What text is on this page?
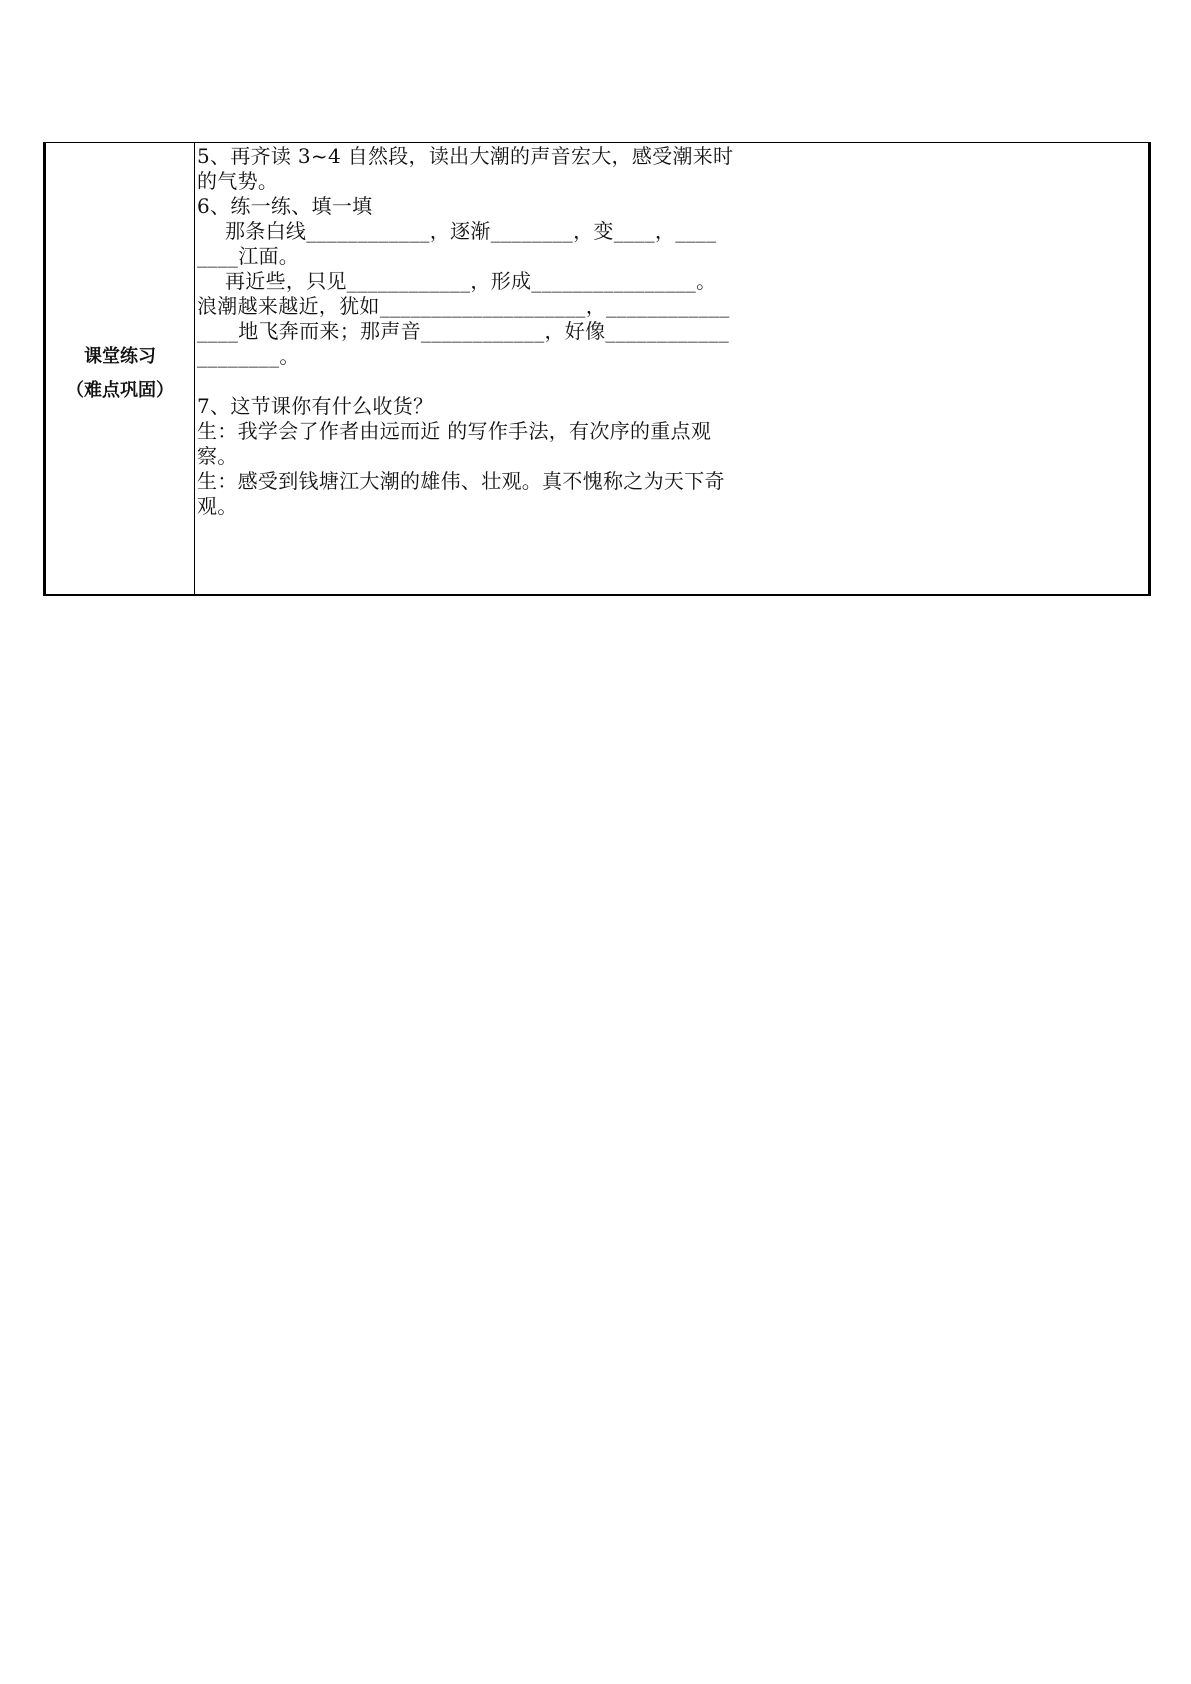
课堂练习
（难点巩固）

5、再齐读 3~4 自然段，读出大潮的声音宏大，感受潮来时

的气势。

6、练一练、填一填

那条白线____________，逐渐________，变____，____

____江面。

再近些，只见____________，形成________________。

浪潮越来越近，犹如____________________，____________

____地飞奔而来；那声音____________，好像____________

________。

7、这节课你有什么收货？

生：我学会了作者由远而近 的写作手法，有次序的重点观

察。

生：感受到钱塘江大潮的雄伟、壮观。真不愧称之为天下奇

观。
